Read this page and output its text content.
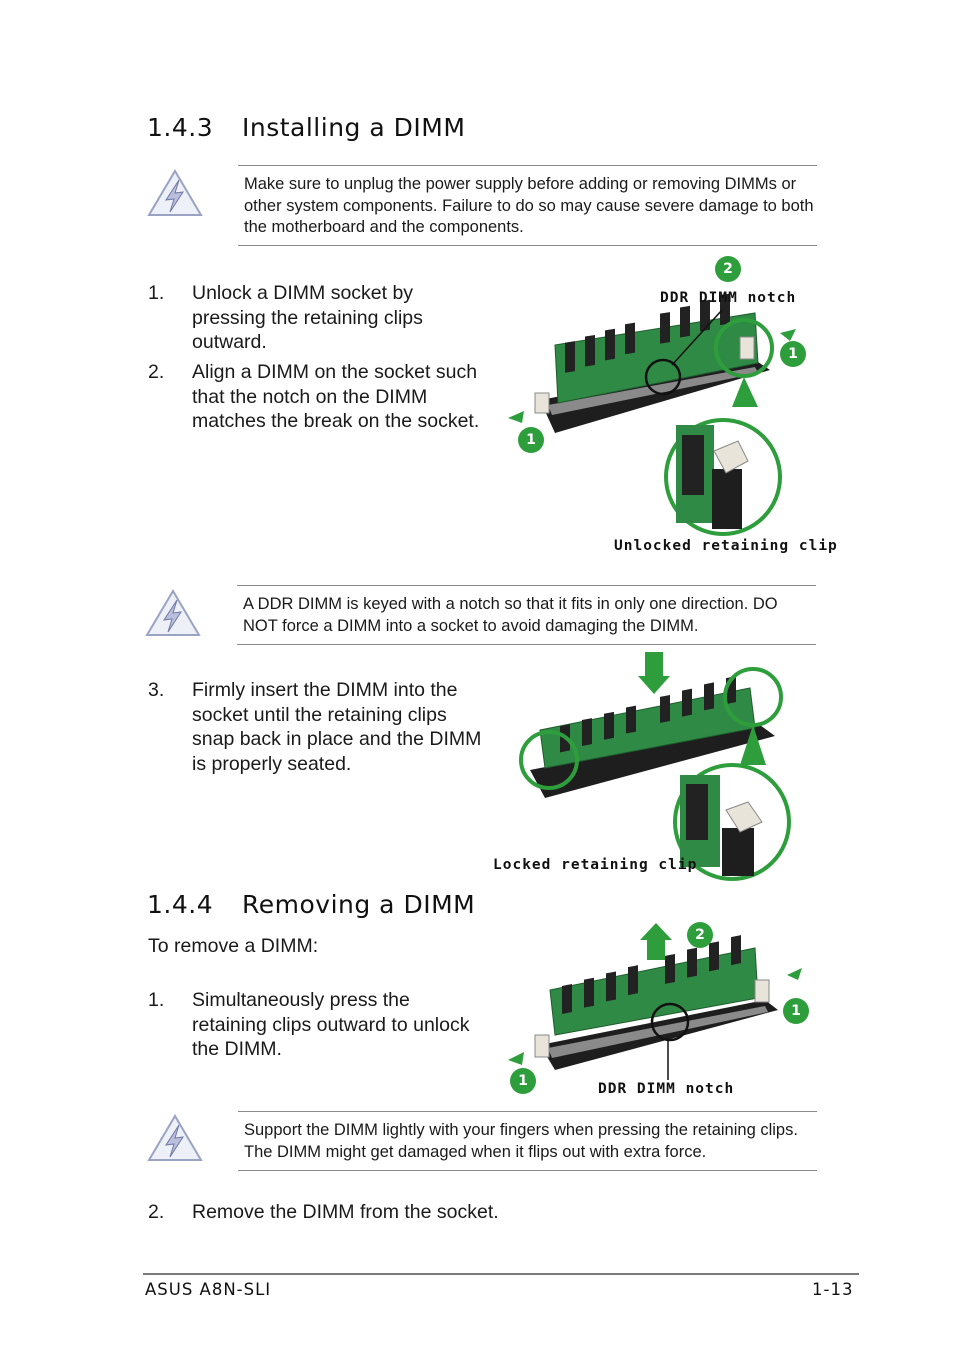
1.4.3 Installing a DIMM
Make sure to unplug the power supply before adding or removing DIMMs or other system components. Failure to do so may cause severe damage to both the motherboard and the components.
1. Unlock a DIMM socket by pressing the retaining clips outward.
2. Align a DIMM on the socket such that the notch on the DIMM matches the break on the socket.
2
1
1
DDR DIMM notch
Unlocked retaining clip
A DDR DIMM is keyed with a notch so that it fits in only one direction. DO NOT force a DIMM into a socket to avoid damaging the DIMM.
3. Firmly insert the DIMM into the socket until the retaining clips snap back in place and the DIMM is properly seated.
Locked retaining clip
1.4.4 Removing a DIMM
To remove a DIMM:
1. Simultaneously press the retaining clips outward to unlock the DIMM.
2
1
1	DDR DIMM notch
Support the DIMM lightly with your fingers when pressing the retaining clips. The DIMM might get damaged when it flips out with extra force.
2. Remove the DIMM from the socket.
ASUS A8N-SLI	1-13
